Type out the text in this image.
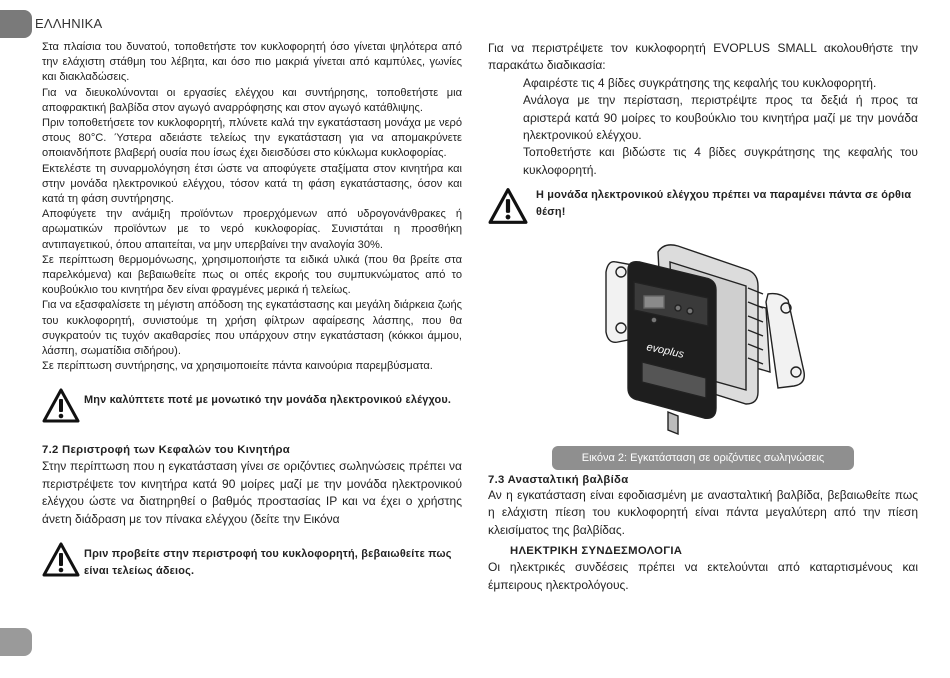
ΕΛΛΗΝΙΚΑ

Στα πλαίσια του δυνατού, τοποθετήστε τον κυκλοφορητή όσο γίνεται ψηλότερα από την ελάχιστη στάθμη του λέβητα, και όσο πιο μακριά γίνεται από καμπύλες, γωνίες και διακλαδώσεις.

Για να διευκολύνονται οι εργασίες ελέγχου και συντήρησης, τοποθετήστε μια αποφρακτική βαλβίδα στον αγωγό αναρρόφησης και στον αγωγό κατάθλιψης.

Πριν τοποθετήσετε τον κυκλοφορητή, πλύνετε καλά την εγκατάσταση μονάχα με νερό στους 80°C. Ύστερα αδειάστε τελείως την εγκατάσταση για να απομακρύνετε οποιανδήποτε βλαβερή ουσία που ίσως έχει διεισδύσει στο κύκλωμα κυκλοφορίας.

Εκτελέστε τη συναρμολόγηση έτσι ώστε να αποφύγετε σταξίματα στον κινητήρα και στην μονάδα ηλεκτρονικού ελέγχου, τόσον κατά τη φάση εγκατάστασης, όσον και κατά τη φάση συντήρησης.

Αποφύγετε την ανάμιξη προϊόντων προερχόμενων από υδρογονάνθρακες ή αρωματικών προϊόντων με το νερό κυκλοφορίας. Συνιστάται η προσθήκη αντιπαγετικού, όπου απαιτείται, να μην υπερβαίνει την αναλογία 30%.

Σε περίπτωση θερμομόνωσης, χρησιμοποιήστε τα ειδικά υλικά (που θα βρείτε στα παρελκόμενα) και βεβαιωθείτε πως οι οπές εκροής του συμπυκνώματος από το κουβούκλιο του κινητήρα δεν είναι φραγμένες μερικά ή τελείως.

Για να εξασφαλίσετε τη μέγιστη απόδοση της εγκατάστασης και μεγάλη διάρκεια ζωής του κυκλοφορητή, συνιστούμε τη χρήση φίλτρων αφαίρεσης λάσπης, που θα συγκρατούν τις τυχόν ακαθαρσίες που υπάρχουν στην εγκατάσταση (κόκκοι άμμου, λάσπη, σωματίδια σιδήρου).

Σε περίπτωση συντήρησης, να χρησιμοποιείτε πάντα καινούρια παρεμβύσματα.

Μην καλύπτετε ποτέ με μονωτικό την μονάδα ηλεκτρονικού ελέγχου.
7.2 Περιστροφή των Κεφαλών του Κινητήρα

Στην περίπτωση που η εγκατάσταση γίνει σε οριζόντιες σωληνώσεις πρέπει να περιστρέψετε τον κινητήρα κατά 90 μοίρες μαζί με την μονάδα ηλεκτρονικού ελέγχου ώστε να διατηρηθεί ο βαθμός προστασίας IP και να έχει ο χρήστης άνετη διάδραση με τον πίνακα ελέγχου (δείτε την Εικόνα

Πριν προβείτε στην περιστροφή του κυκλοφορητή, βεβαιωθείτε πως είναι τελείως άδειος.

Για να περιστρέψετε τον κυκλοφορητή EVOPLUS SMALL ακολουθήστε την παρακάτω διαδικασία:

Αφαιρέστε τις 4 βίδες συγκράτησης της κεφαλής του κυκλοφορητή.

Ανάλογα με την περίσταση, περιστρέψτε προς τα δεξιά ή προς τα αριστερά κατά 90 μοίρες το κουβούκλιο του κινητήρα μαζί με την μονάδα ηλεκτρονικού ελέγχου.

Τοποθετήστε και βιδώστε τις 4 βίδες συγκράτησης της κεφαλής του κυκλοφορητή.

Η μονάδα ηλεκτρονικού ελέγχου πρέπει να παραμένει πάντα σε όρθια θέση!
evoplus
Εικόνα 2: Εγκατάσταση σε οριζόντιες σωληνώσεις
7.3 Ανασταλτική βαλβίδα

Αν η εγκατάσταση είναι εφοδιασμένη με ανασταλτική βαλβίδα, βεβαιωθείτε πως η ελάχιστη πίεση του κυκλοφορητή είναι πάντα μεγαλύτερη από την πίεση κλεισίματος της βαλβίδας.

ΗΛΕΚΤΡΙΚΗ ΣΥΝΔΕΣΜΟΛΟΓΙΑ

Οι ηλεκτρικές συνδέσεις πρέπει να εκτελούνται από καταρτισμένους και έμπειρους ηλεκτρολόγους.
